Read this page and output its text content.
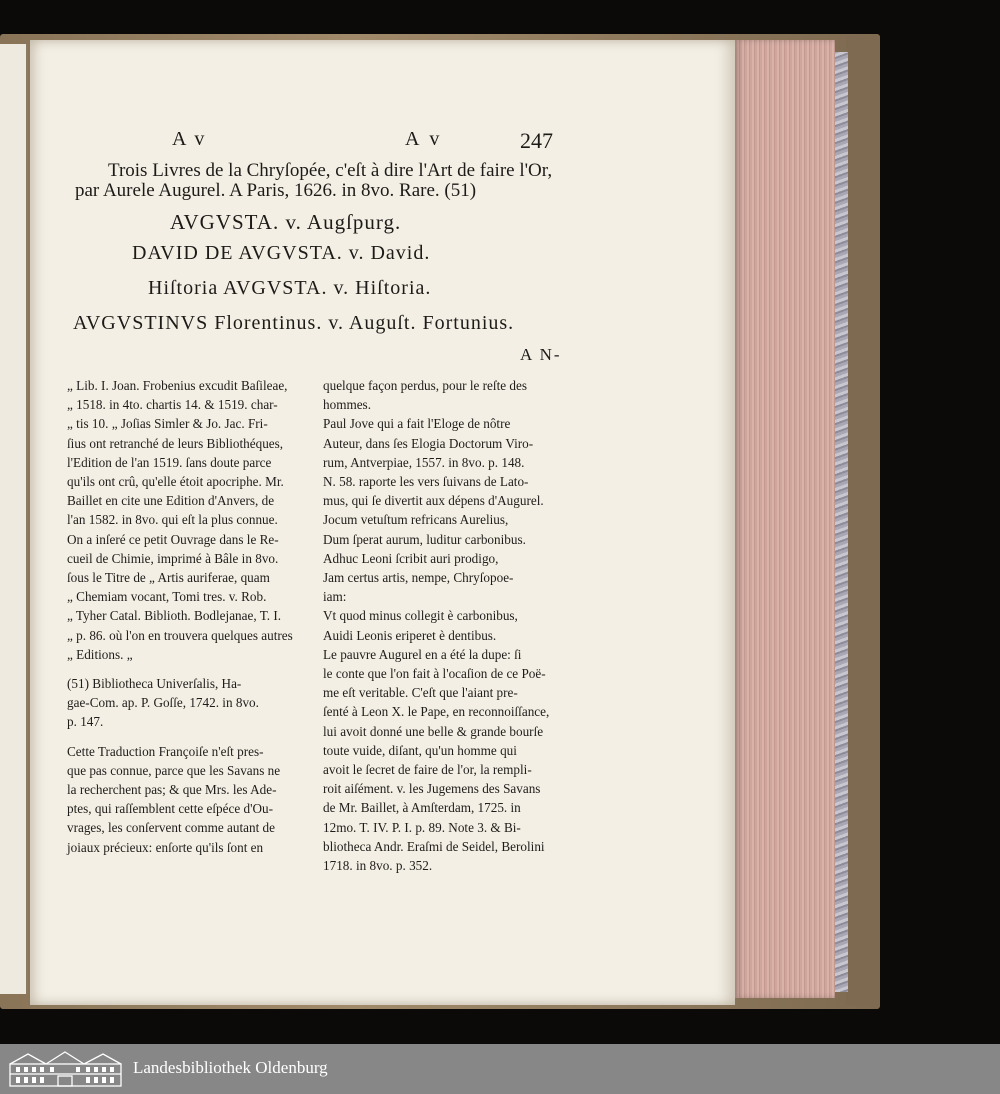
A v	A v	247
Trois Livres de la Chryſopée, c'eſt à dire l'Art de faire l'Or,
par Aurele Augurel. A Paris, 1626. in 8vo. Rare. (51)
AVGVSTA. v. Augſpurg.
DAVID DE AVGVSTA. v. David.
Hiſtoria AVGVSTA. v. Hiſtoria.
AVGVSTINVS Florentinus. v. Auguſt. Fortunius.
A N-

„ Lib. I. Joan. Frobenius excudit Baſileae,

„ 1518. in 4to. chartis 14. & 1519. char-

„ tis 10. „ Joſias Simler & Jo. Jac. Fri-

ſius ont retranché de leurs Bibliothéques,

l'Edition de l'an 1519. ſans doute parce

qu'ils ont crû, qu'elle étoit apocriphe. Mr.

Baillet en cite une Edition d'Anvers, de

l'an 1582. in 8vo. qui eſt la plus connue.

On a inſeré ce petit Ouvrage dans le Re-

cueil de Chimie, imprimé à Bâle in 8vo.

ſous le Titre de „ Artis auriferae, quam

„ Chemiam vocant, Tomi tres. v. Rob.

„ Tyher Catal. Biblioth. Bodlejanae, T. I.

„ p. 86. où l'on en trouvera quelques autres

„ Editions. „

(51) Bibliotheca Univerſalis, Ha-

gae-Com. ap. P. Goſſe, 1742. in 8vo.

p. 147.

Cette Traduction Françoiſe n'eſt pres-

que pas connue, parce que les Savans ne

la recherchent pas; & que Mrs. les Ade-

ptes, qui raſſemblent cette eſpéce d'Ou-

vrages, les conſervent comme autant de

joiaux précieux: enſorte qu'ils ſont en

quelque façon perdus, pour le reſte des

hommes.

Paul Jove qui a fait l'Eloge de nôtre

Auteur, dans ſes Elogia Doctorum Viro-

rum, Antverpiae, 1557. in 8vo. p. 148.

N. 58. raporte les vers ſuivans de Lato-

mus, qui ſe divertit aux dépens d'Augurel.

Jocum vetuſtum refricans Aurelius,

Dum ſperat aurum, luditur carbonibus.

Adhuc Leoni ſcribit auri prodigo,

Jam certus artis, nempe, Chryſopoe-

iam:

Vt quod minus collegit è carbonibus,

Auidi Leonis eriperet è dentibus.

Le pauvre Augurel en a été la dupe: ſi

le conte que l'on fait à l'ocaſion de ce Poë-

me eſt veritable. C'eſt que l'aiant pre-

ſenté à Leon X. le Pape, en reconnoiſſance,

lui avoit donné une belle & grande bourſe

toute vuide, diſant, qu'un homme qui

avoit le ſecret de faire de l'or, la rempli-

roit aiſément. v. les Jugemens des Savans

de Mr. Baillet, à Amſterdam, 1725. in

12mo. T. IV. P. I. p. 89. Note 3. & Bi-

bliotheca Andr. Eraſmi de Seidel, Berolini

1718. in 8vo. p. 352.

Landesbibliothek Oldenburg
